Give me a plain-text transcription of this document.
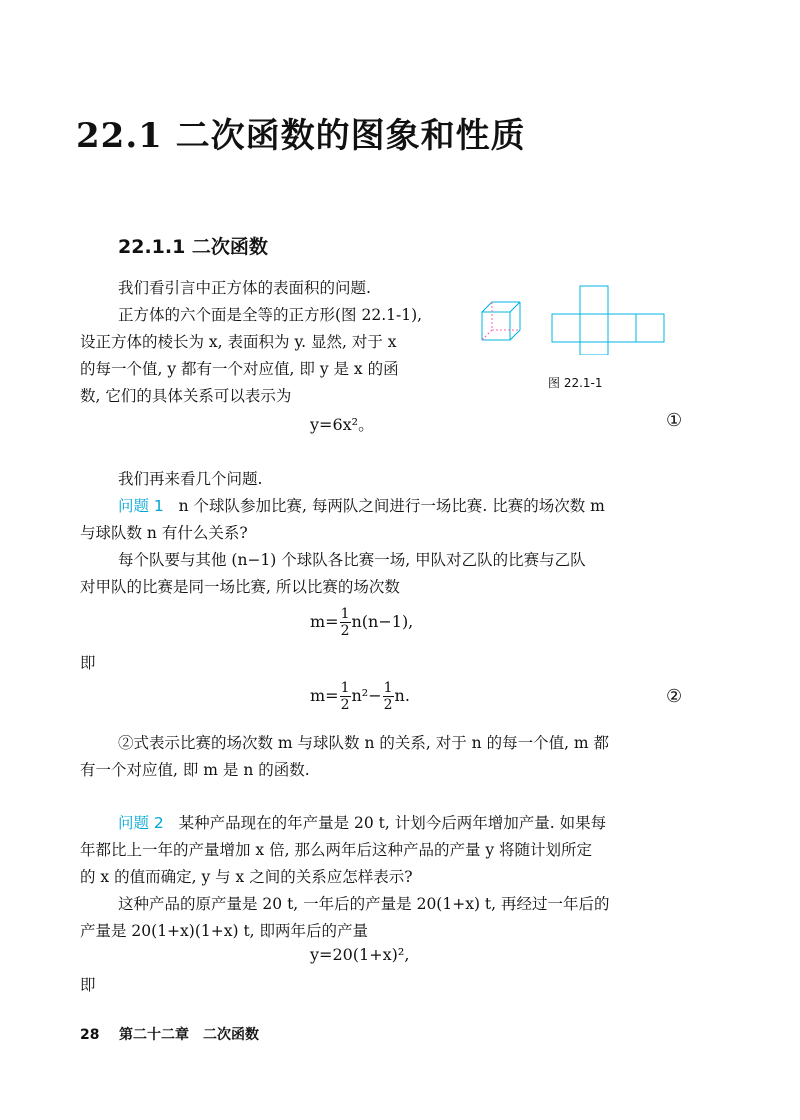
22.1 二次函数的图象和性质
22.1.1 二次函数
我们看引言中正方体的表面积的问题.
正方体的六个面是全等的正方形(图 22.1-1),
设正方体的棱长为 x, 表面积为 y. 显然, 对于 x
的每一个值, y 都有一个对应值, 即 y 是 x 的函
数, 它们的具体关系可以表示为
图 22.1-1
y=6x²。	①
我们再来看几个问题.
问题 1 n 个球队参加比赛, 每两队之间进行一场比赛. 比赛的场次数 m
与球队数 n 有什么关系?
每个队要与其他 (n−1) 个球队各比赛一场, 甲队对乙队的比赛与乙队
对甲队的比赛是同一场比赛, 所以比赛的场次数
$m= \frac{1}{2} n(n-1)$,
即
$m= \frac{1}{2} n^2- \frac{1}{2} n$.	②
②式表示比赛的场次数 m 与球队数 n 的关系, 对于 n 的每一个值, m 都
有一个对应值, 即 m 是 n 的函数.
问题 2 某种产品现在的年产量是 20 t, 计划今后两年增加产量. 如果每
年都比上一年的产量增加 x 倍, 那么两年后这种产品的产量 y 将随计划所定
的 x 的值而确定, y 与 x 之间的关系应怎样表示?
这种产品的原产量是 20 t, 一年后的产量是 20(1+x) t, 再经过一年后的
产量是 20(1+x)(1+x) t, 即两年后的产量
y=20(1+x)²,
即
28 第二十二章　二次函数
